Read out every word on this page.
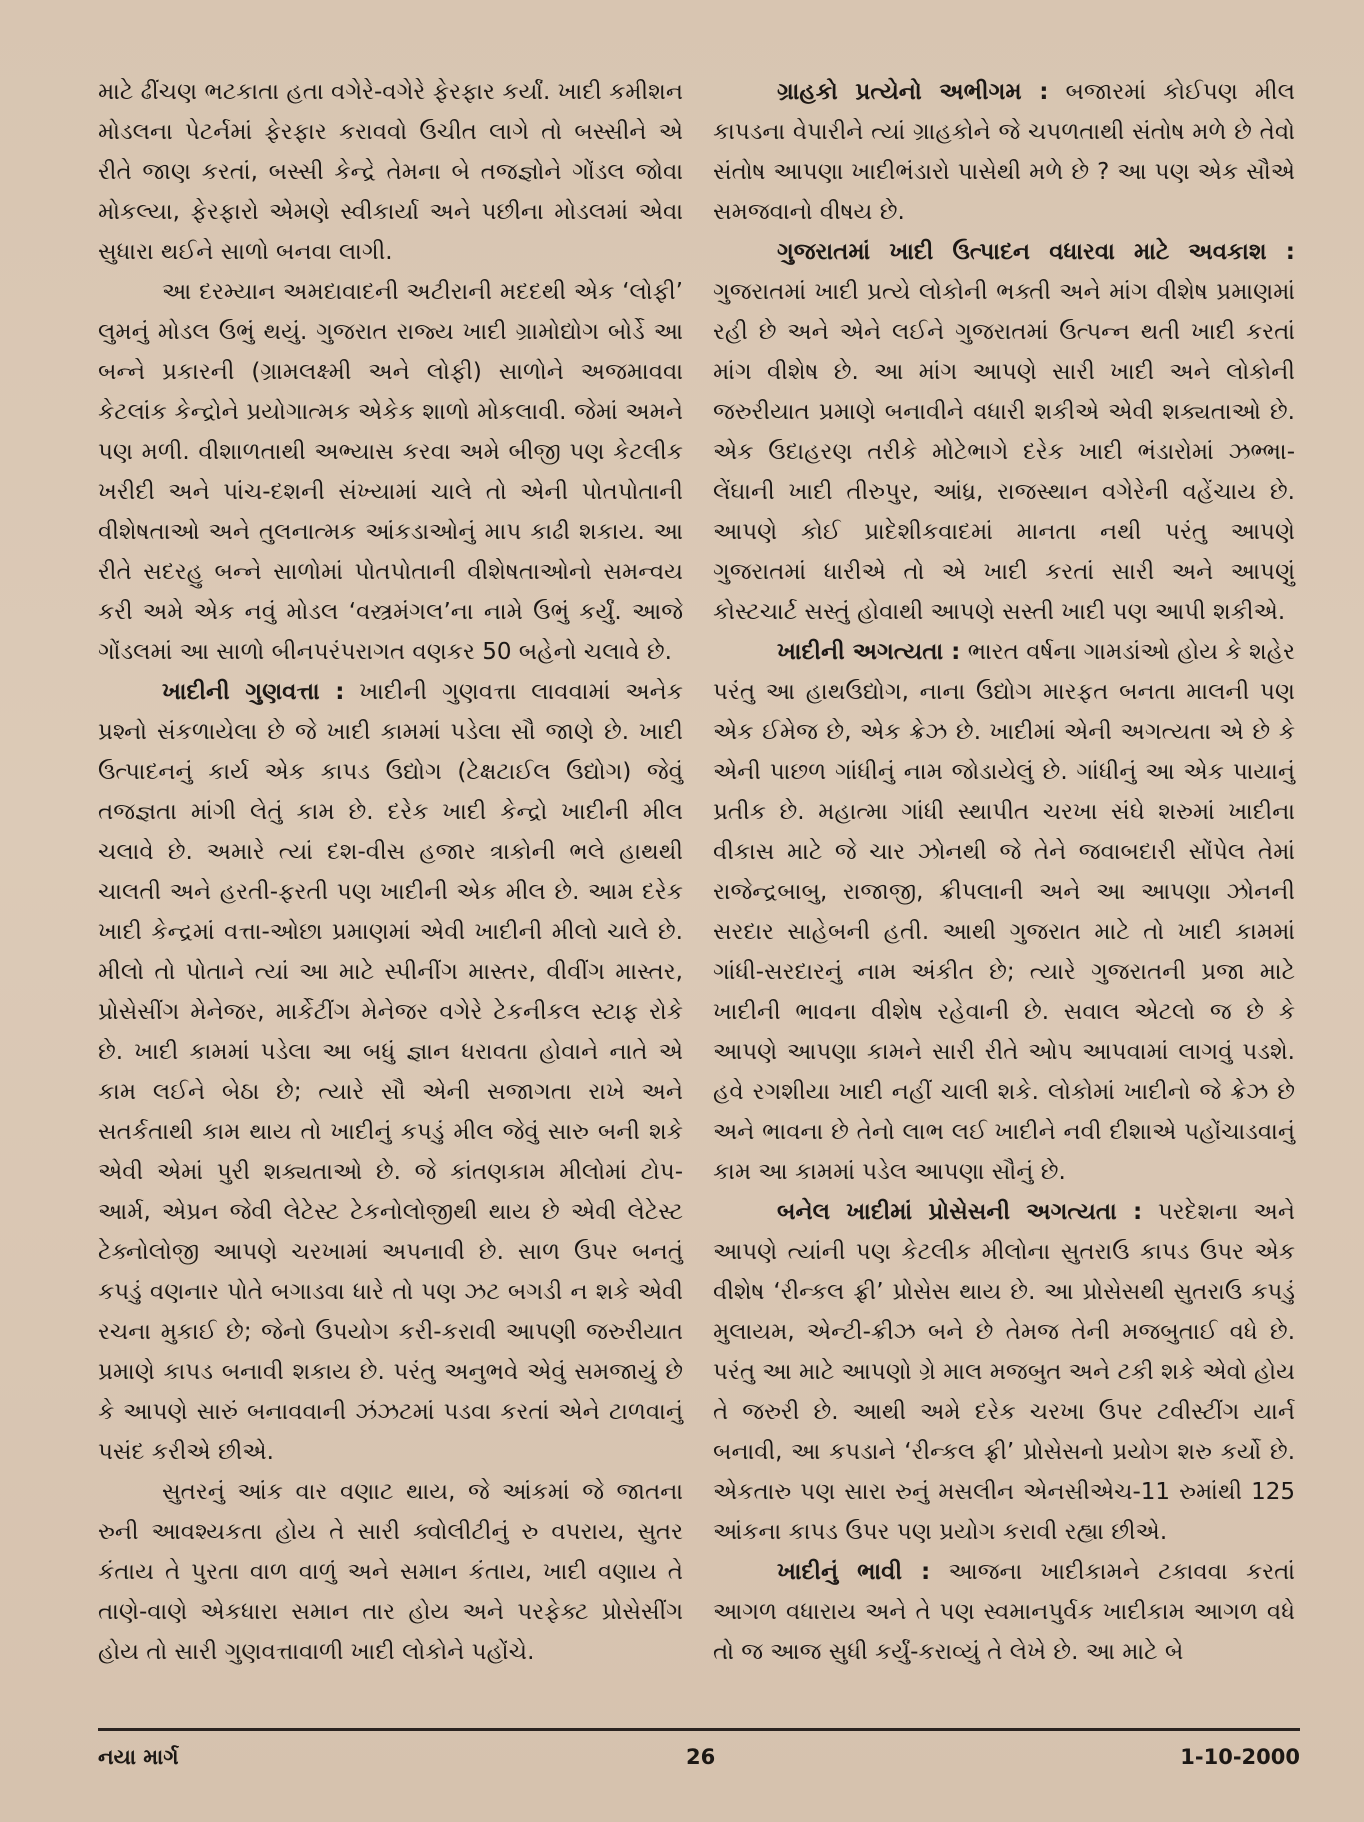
માટે ઢીંચણ ભટકાતા હતા વગેરે-વગેરે ફેરફાર કર્યાં. ખાદી કમીશન મોડલના પેટર્નમાં ફેરફાર કરાવવો ઉચીત લાગે તો બસ્સીને એ રીતે જાણ કરતાં, બસ્સી કેન્દ્રે તેમના બે તજજ્ઞોને ગોંડલ જોવા મોકલ્યા, ફેરફારો એમણે સ્વીકાર્યા અને પછીના મોડલમાં એવા સુધારા થઈને સાળો બનવા લાગી.

આ દરમ્યાન અમદાવાદની અટીરાની મદદથી એક ‘લોફી’ લુમનું મોડલ ઉભું થયું. ગુજરાત રાજ્ય ખાદી ગ્રામોદ્યોગ બોર્ડે આ બન્ને પ્રકારની (ગ્રામલક્ષ્મી અને લોફી) સાળોને અજમાવવા કેટલાંક કેન્દ્રોને પ્રયોગાત્મક એકેક શાળો મોકલાવી. જેમાં અમને પણ મળી. વીશાળતાથી અભ્યાસ કરવા અમે બીજી પણ કેટલીક ખરીદી અને પાંચ-દશની સંખ્યામાં ચાલે તો એની પોતપોતાની વીશેષતાઓ અને તુલનાત્મક આંકડાઓનું માપ કાઢી શકાય. આ રીતે સદરહુ બન્ને સાળોમાં પોતપોતાની વીશેષતાઓનો સમન્વય કરી અમે એક નવું મોડલ ‘વસ્ત્રમંગલ’ના નામે ઉભું કર્યું. આજે ગોંડલમાં આ સાળો બીનપરંપરાગત વણકર 50 બહેનો ચલાવે છે.

ખાદીની ગુણવત્તા : ખાદીની ગુણવત્તા લાવવામાં અનેક પ્રશ્નો સંકળાયેલા છે જે ખાદી કામમાં પડેલા સૌ જાણે છે. ખાદી ઉત્પાદનનું કાર્ય એક કાપડ ઉદ્યોગ (ટેક્ષટાઈલ ઉદ્યોગ) જેવું તજજ્ઞતા માંગી લેતું કામ છે. દરેક ખાદી કેન્દ્રો ખાદીની મીલ ચલાવે છે. અમારે ત્યાં દશ-વીસ હજાર ત્રાકોની ભલે હાથથી ચાલતી અને હરતી-ફરતી પણ ખાદીની એક મીલ છે. આમ દરેક ખાદી કેન્દ્રમાં વત્તા-ઓછા પ્રમાણમાં એવી ખાદીની મીલો ચાલે છે. મીલો તો પોતાને ત્યાં આ માટે સ્પીનીંગ માસ્તર, વીવીંગ માસ્તર, પ્રોસેસીંગ મેનેજર, માર્કેટીંગ મેનેજર વગેરે ટેકનીકલ સ્ટાફ રોકે છે. ખાદી કામમાં પડેલા આ બધું જ્ઞાન ધરાવતા હોવાને નાતે એ કામ લઈને બેઠા છે; ત્યારે સૌ એની સજાગતા રાખે અને સતર્કતાથી કામ થાય તો ખાદીનું કપડું મીલ જેવું સારુ બની શકે એવી એમાં પુરી શક્યતાઓ છે. જે કાંતણકામ મીલોમાં ટોપ-આર્મ, એપ્રન જેવી લેટેસ્ટ ટેકનોલોજીથી થાય છે એવી લેટેસ્ટ ટેક્નોલોજી આપણે ચરખામાં અપનાવી છે. સાળ ઉપર બનતું કપડું વણનાર પોતે બગાડવા ધારે તો પણ ઝટ બગડી ન શકે એવી રચના મુકાઈ છે; જેનો ઉપયોગ કરી-કરાવી આપણી જરુરીયાત પ્રમાણે કાપડ બનાવી શકાય છે. પરંતુ અનુભવે એવું સમજાયું છે કે આપણે સારું બનાવવાની ઝંઝટમાં પડવા કરતાં એને ટાળવાનું પસંદ કરીએ છીએ.

સુતરનું આંક વાર વણાટ થાય, જે આંકમાં જે જાતના રુની આવશ્યકતા હોય તે સારી ક્વોલીટીનું રુ વપરાય, સુતર કંતાય તે પુરતા વાળ વાળું અને સમાન કંતાય, ખાદી વણાય તે તાણે-વાણે એકધારા સમાન તાર હોય અને પરફેક્ટ પ્રોસેસીંગ હોય તો સારી ગુણવત્તાવાળી ખાદી લોકોને પહોંચે.

ગ્રાહકો પ્રત્યેનો અભીગમ : બજારમાં કોઈપણ મીલ કાપડના વેપારીને ત્યાં ગ્રાહકોને જે ચપળતાથી સંતોષ મળે છે તેવો સંતોષ આપણા ખાદીભંડારો પાસેથી મળે છે ? આ પણ એક સૌએ સમજવાનો વીષય છે.

ગુજરાતમાં ખાદી ઉત્પાદન વધારવા માટે અવકાશ : ગુજરાતમાં ખાદી પ્રત્યે લોકોની ભક્તી અને માંગ વીશેષ પ્રમાણમાં રહી છે અને એને લઈને ગુજરાતમાં ઉત્પન્ન થતી ખાદી કરતાં માંગ વીશેષ છે. આ માંગ આપણે સારી ખાદી અને લોકોની જરુરીયાત પ્રમાણે બનાવીને વધારી શકીએ એવી શક્યતાઓ છે. એક ઉદાહરણ તરીકે મોટેભાગે દરેક ખાદી ભંડારોમાં ઝભ્ભા-લેંઘાની ખાદી તીરુપુર, આંધ્ર, રાજસ્થાન વગેરેની વહેંચાય છે. આપણે કોઈ પ્રાદેશીકવાદમાં માનતા નથી પરંતુ આપણે ગુજરાતમાં ધારીએ તો એ ખાદી કરતાં સારી અને આપણું કોસ્ટચાર્ટ સસ્તું હોવાથી આપણે સસ્તી ખાદી પણ આપી શકીએ.

ખાદીની અગત્યતા : ભારત વર્ષના ગામડાંઓ હોય કે શહેર પરંતુ આ હાથઉદ્યોગ, નાના ઉદ્યોગ મારફત બનતા માલની પણ એક ઈમેજ છે, એક ક્રેઝ છે. ખાદીમાં એની અગત્યતા એ છે કે એની પાછળ ગાંધીનું નામ જોડાયેલું છે. ગાંધીનું આ એક પાયાનું પ્રતીક છે. મહાત્મા ગાંધી સ્થાપીત ચરખા સંઘે શરુમાં ખાદીના વીકાસ માટે જે ચાર ઝોનથી જે તેને જવાબદારી સોંપેલ તેમાં રાજેન્દ્રબાબુ, રાજાજી, ક્રીપલાની અને આ આપણા ઝોનની સરદાર સાહેબની હતી. આથી ગુજરાત માટે તો ખાદી કામમાં ગાંધી-સરદારનું નામ અંકીત છે; ત્યારે ગુજરાતની પ્રજા માટે ખાદીની ભાવના વીશેષ રહેવાની છે. સવાલ એટલો જ છે કે આપણે આપણા કામને સારી રીતે ઓપ આપવામાં લાગવું પડશે. હવે રગશીયા ખાદી નહીં ચાલી શકે. લોકોમાં ખાદીનો જે ક્રેઝ છે અને ભાવના છે તેનો લાભ લઈ ખાદીને નવી દીશાએ પહોંચાડવાનું કામ આ કામમાં પડેલ આપણા સૌનું છે.

બનેલ ખાદીમાં પ્રોસેસની અગત્યતા : પરદેશના અને આપણે ત્યાંની પણ કેટલીક મીલોના સુતરાઉ કાપડ ઉપર એક વીશેષ ‘રીન્કલ ફ્રી’ પ્રોસેસ થાય છે. આ પ્રોસેસથી સુતરાઉ કપડું મુલાયમ, એન્ટી-ક્રીઝ બને છે તેમજ તેની મજબુતાઈ વધે છે. પરંતુ આ માટે આપણો ગ્રે માલ મજબુત અને ટકી શકે એવો હોય તે જરુરી છે. આથી અમે દરેક ચરખા ઉપર ટવીસ્ટીંગ યાર્ન બનાવી, આ કપડાને ‘રીન્કલ ફ્રી’ પ્રોસેસનો પ્રયોગ શરુ કર્યો છે. એકતારુ પણ સારા રુનું મસલીન એનસીએચ-11 રુમાંથી 125 આંકના કાપડ ઉપર પણ પ્રયોગ કરાવી રહ્યા છીએ.

ખાદીનું ભાવી : આજના ખાદીકામને ટકાવવા કરતાં આગળ વધારાય અને તે પણ સ્વમાનપુર્વક ખાદીકામ આગળ વધે તો જ આજ સુધી કર્યું-કરાવ્યું તે લેખે છે. આ માટે બે

નયા માર્ગ	26	1-10-2000
